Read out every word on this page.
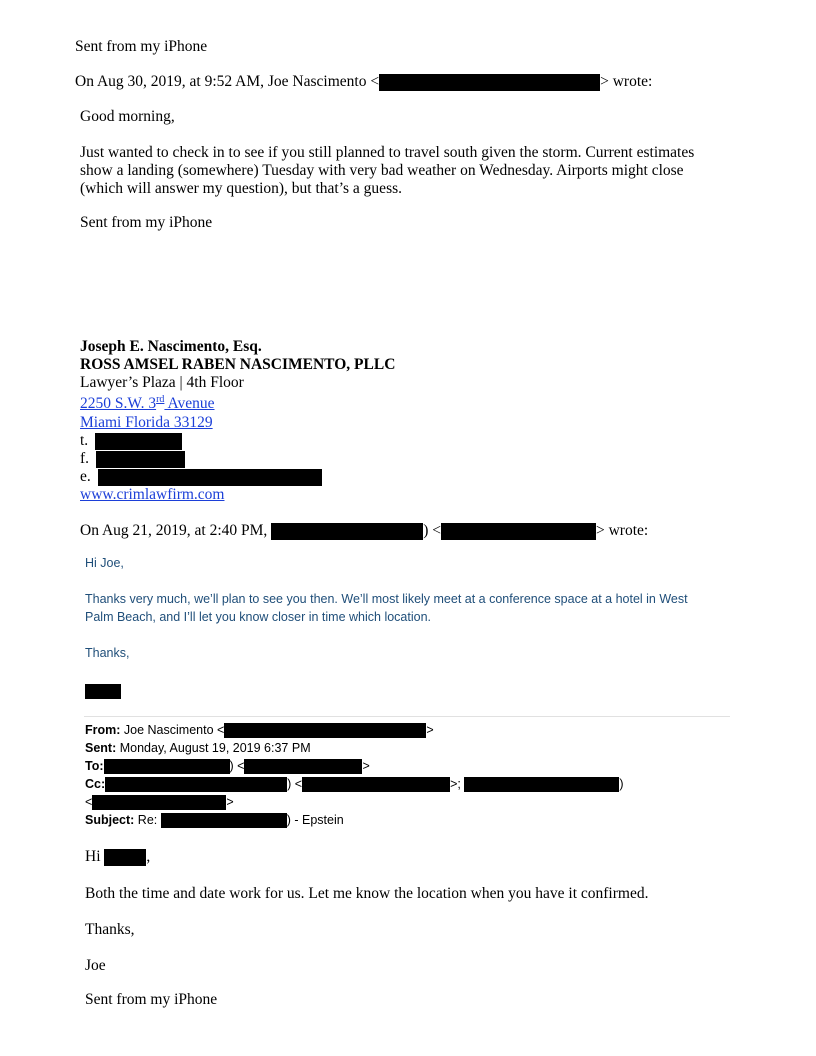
Sent from my iPhone
On Aug 30, 2019, at 9:52 AM, Joe Nascimento <	> wrote:
Good morning,
Just wanted to check in to see if you still planned to travel south given the storm. Current estimates
show a landing (somewhere) Tuesday with very bad weather on Wednesday. Airports might close
(which will answer my question), but that’s a guess.
Sent from my iPhone
Joseph E. Nascimento, Esq.
ROSS AMSEL RABEN NASCIMENTO, PLLC
Lawyer’s Plaza | 4th Floor
2250 S.W. 3rd Avenue
Miami Florida 33129
t.
f.
e.
www.crimlawfirm.com
On Aug 21, 2019, at 2:40 PM,	) <	> wrote:
Hi Joe,
Thanks very much, we’ll plan to see you then. We’ll most likely meet at a conference space at a hotel in West
Palm Beach, and I’ll let you know closer in time which location.
Thanks,
From: Joe Nascimento <	>
Sent: Monday, August 19, 2019 6:37 PM
To:	) <	>
Cc:	) <	>;	)
<	>
Subject: Re:	) - Epstein
Hi	,
Both the time and date work for us. Let me know the location when you have it confirmed.
Thanks,
Joe
Sent from my iPhone
